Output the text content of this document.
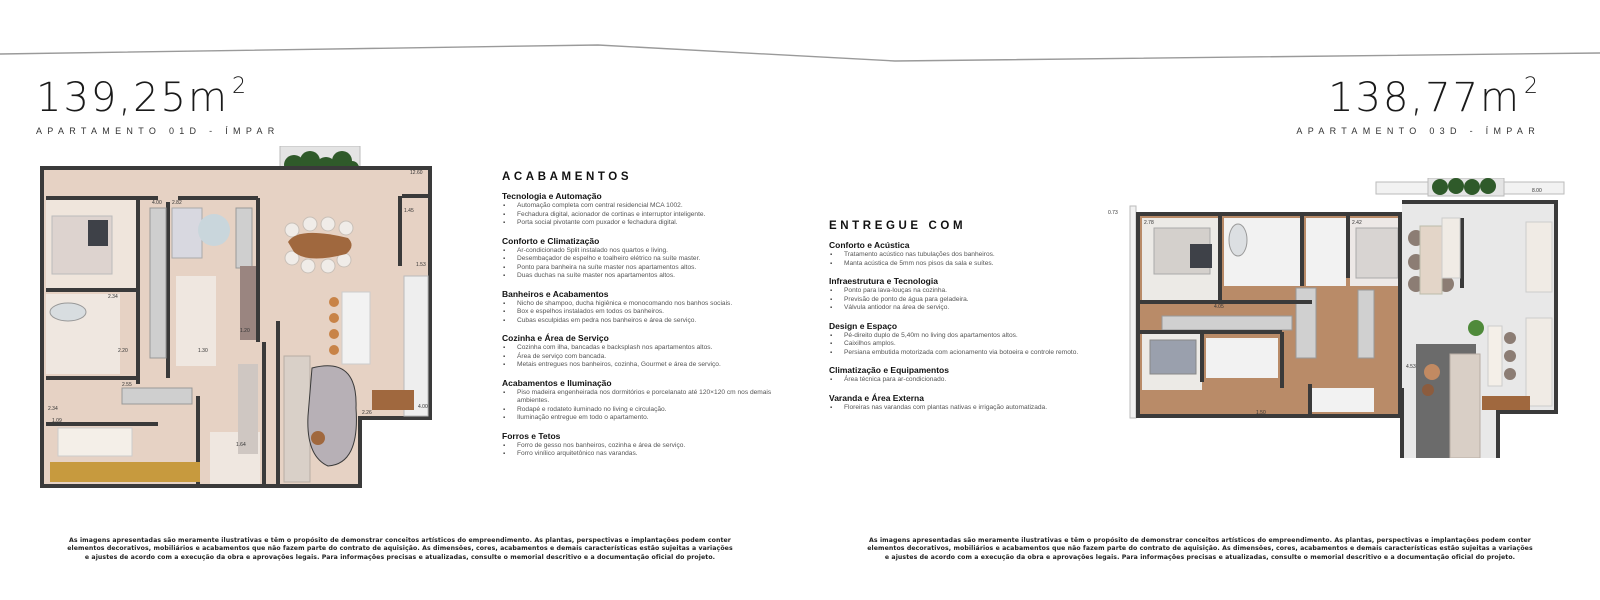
139,25m $^2$
APARTAMENTO 01D - ÍMPAR
138,77m $^2$
APARTAMENTO 03D - ÍMPAR
12.60
4.00 2.82
2.34
2.20
2.55
2.34
1.09
1.64
2.26
4.00
1.45
1.53
1.20
1.30
ACABAMENTOS
Tecnologia e Automação
▪ Automação completa com central residencial MCA 1002.
▪ Fechadura digital, acionador de cortinas e interruptor inteligente.
▪ Porta social pivotante com puxador e fechadura digital.
Conforto e Climatização
▪ Ar-condicionado Split instalado nos quartos e living.
▪ Desembaçador de espelho e toalheiro elétrico na suíte master.
▪ Ponto para banheira na suíte master nos apartamentos altos.
▪ Duas duchas na suíte master nos apartamentos altos.
Banheiros e Acabamentos
▪ Nicho de shampoo, ducha higiênica e monocomando nos banhos sociais.
▪ Box e espelhos instalados em todos os banheiros.
▪ Cubas esculpidas em pedra nos banheiros e área de serviço.
Cozinha e Área de Serviço
▪ Cozinha com ilha, bancadas e backsplash nos apartamentos altos.
▪ Área de serviço com bancada.
▪ Metais entregues nos banheiros, cozinha, Gourmet e área de serviço.
Acabamentos e Iluminação
▪ Piso madeira engenheirada nos dormitórios e porcelanato até 120×120 cm nos demais ambientes.
▪ Rodapé e rodateto iluminado no living e circulação.
▪ Iluminação entregue em todo o apartamento.
Forros e Tetos
▪ Forro de gesso nos banheiros, cozinha e área de serviço.
▪ Forro vinílico arquitetônico nas varandas.
ENTREGUE COM
Conforto e Acústica
▪ Tratamento acústico nas tubulações dos banheiros.
▪ Manta acústica de 5mm nos pisos da sala e suítes.
Infraestrutura e Tecnologia
▪ Ponto para lava-louças na cozinha.
▪ Previsão de ponto de água para geladeira.
▪ Válvula antiodor na área de serviço.
Design e Espaço
▪ Pé-direito duplo de 5,40m no living dos apartamentos altos.
▪ Caixilhos amplos.
▪ Persiana embutida motorizada com acionamento via botoeira e controle remoto.
Climatização e Equipamentos
▪ Área técnica para ar-condicionado.
Varanda e Área Externa
▪ Floreiras nas varandas com plantas nativas e irrigação automatizada.
8.00
0.73
2.78
4.05
2.42
4.53
1.50
As imagens apresentadas são meramente ilustrativas e têm o propósito de demonstrar conceitos artísticos do empreendimento. As plantas, perspectivas e implantações podem conter
elementos decorativos, mobiliários e acabamentos que não fazem parte do contrato de aquisição. As dimensões, cores, acabamentos e demais características estão sujeitas a variações
e ajustes de acordo com a execução da obra e aprovações legais. Para informações precisas e atualizadas, consulte o memorial descritivo e a documentação oficial do projeto.
As imagens apresentadas são meramente ilustrativas e têm o propósito de demonstrar conceitos artísticos do empreendimento. As plantas, perspectivas e implantações podem conter
elementos decorativos, mobiliários e acabamentos que não fazem parte do contrato de aquisição. As dimensões, cores, acabamentos e demais características estão sujeitas a variações
e ajustes de acordo com a execução da obra e aprovações legais. Para informações precisas e atualizadas, consulte o memorial descritivo e a documentação oficial do projeto.
